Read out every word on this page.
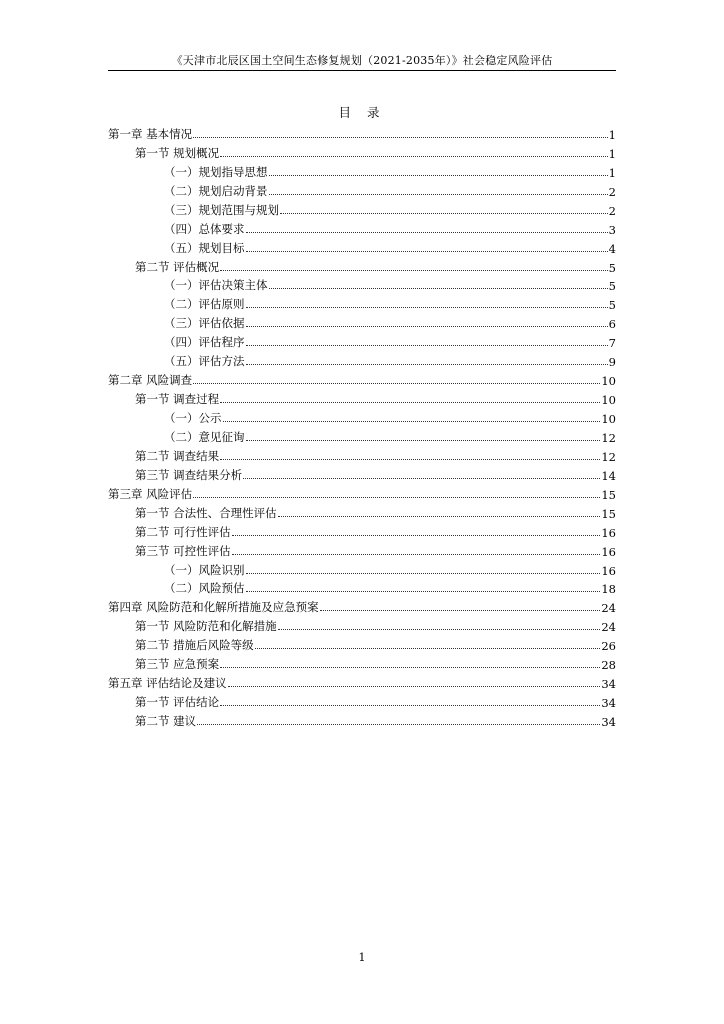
《天津市北辰区国土空间生态修复规划（2021-2035年）》社会稳定风险评估
目 录
第一章 基本情况	1
第一节 规划概况	1
（一）规划指导思想	1
（二）规划启动背景	2
（三）规划范围与规划	2
（四）总体要求	3
（五）规划目标	4
第二节 评估概况	5
（一）评估决策主体	5
（二）评估原则	5
（三）评估依据	6
（四）评估程序	7
（五）评估方法	9
第二章 风险调查	10
第一节 调查过程	10
（一）公示	10
（二）意见征询	12
第二节 调查结果	12
第三节 调查结果分析	14
第三章 风险评估	15
第一节 合法性、合理性评估	15
第二节 可行性评估	16
第三节 可控性评估	16
（一）风险识别	16
（二）风险预估	18
第四章 风险防范和化解所措施及应急预案	24
第一节 风险防范和化解措施	24
第二节 措施后风险等级	26
第三节 应急预案	28
第五章 评估结论及建议	34
第一节 评估结论	34
第二节 建议	34
1
